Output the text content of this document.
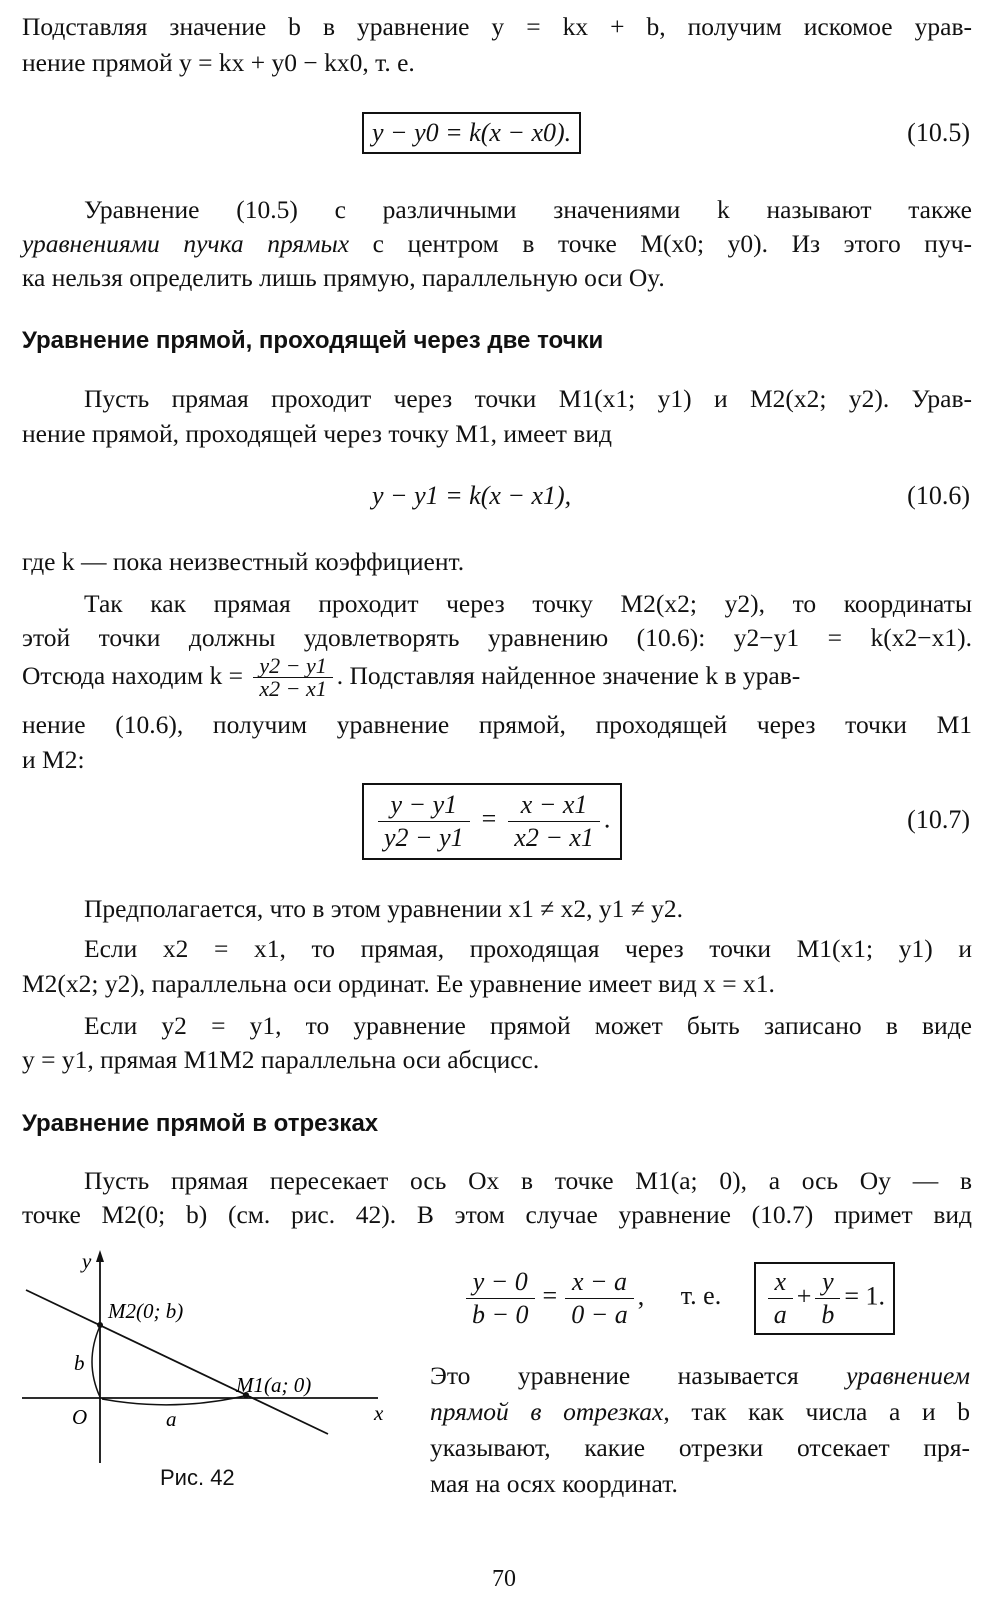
Подставляя значение b в уравнение y = kx + b, получим искомое урав-
нение прямой y = kx + y0 − kx0, т. е.
y − y0 = k(x − x0).	(10.5)
Уравнение (10.5) с различными значениями k называют также
уравнениями пучка прямых с центром в точке M(x0; y0). Из этого пуч-
ка нельзя определить лишь прямую, параллельную оси Oy.
Уравнение прямой, проходящей через две точки
Пусть прямая проходит через точки M1(x1; y1) и M2(x2; y2). Урав-
нение прямой, проходящей через точку M1, имеет вид
y − y1 = k(x − x1),	(10.6)
где k — пока неизвестный коэффициент.
Так как прямая проходит через точку M2(x2; y2), то координаты
этой точки должны удовлетворять уравнению (10.6): y2−y1 = k(x2−x1).
Отсюда находим $k = \frac{y2 - y1}{x2 - x1}$ . Подставляя найденное значение k в урав-
нение (10.6), получим уравнение прямой, проходящей через точки M1
и M2:
$\frac{y - y1}{y2 - y1} = \frac{x - x1}{x2 - x1}$ .	(10.7)
Предполагается, что в этом уравнении x1 ≠ x2, y1 ≠ y2.
Если x2 = x1, то прямая, проходящая через точки M1(x1; y1) и
M2(x2; y2), параллельна оси ординат. Ее уравнение имеет вид x = x1.
Если y2 = y1, то уравнение прямой может быть записано в виде
y = y1, прямая M1M2 параллельна оси абсцисс.
Уравнение прямой в отрезках
Пусть прямая пересекает ось Ox в точке M1(a; 0), а ось Oy — в
точке M2(0; b) (см. рис. 42). В этом случае уравнение (10.7) примет вид
y
x
O
M2(0; b)
M1(a; 0)
b
a
Рис. 42
$\frac{y - 0}{b - 0} = \frac{x - a}{0 - a}$ , т. е. $\frac{x}{a} + \frac{y}{b} = 1$.
Это уравнение называется уравнением
прямой в отрезках, так как числа a и b
указывают, какие отрезки отсекает пря-
мая на осях координат.
70
